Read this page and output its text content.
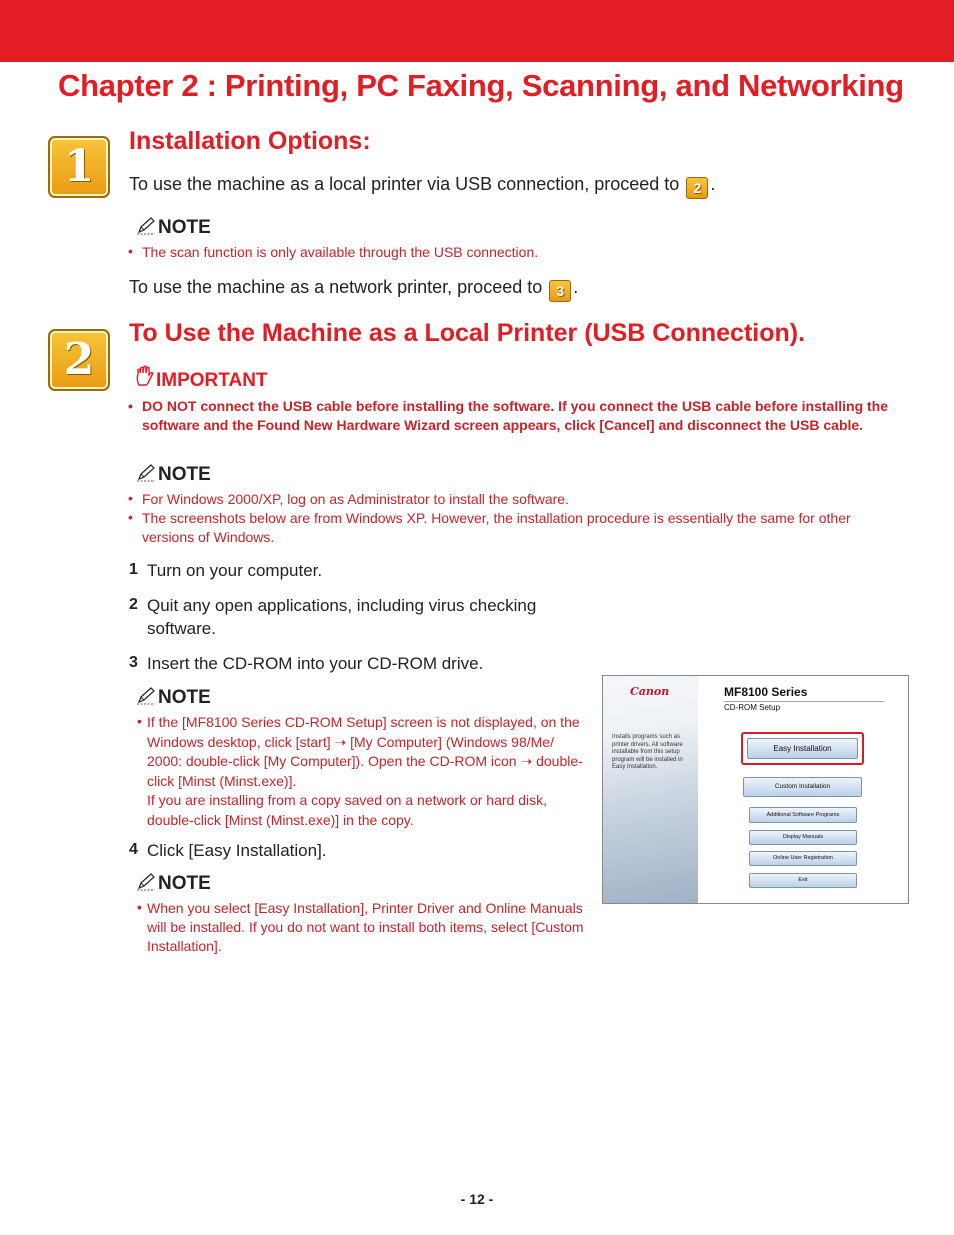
Chapter 2 : Printing, PC Faxing, Scanning, and Networking
1	Installation Options:
To use the machine as a local printer via USB connection, proceed to 2 .
NOTE
• The scan function is only available through the USB connection.
To use the machine as a network printer, proceed to 3 .
2
To Use the Machine as a Local Printer (USB Connection).
IMPORTANT
• DO NOT connect the USB cable before installing the software. If you connect the USB cable before installing the software and the Found New Hardware Wizard screen appears, click [Cancel] and disconnect the USB cable.
NOTE
• For Windows 2000/XP, log on as Administrator to install the software.
• The screenshots below are from Windows XP. However, the installation procedure is essentially the same for other versions of Windows.
1 Turn on your computer.
2 Quit any open applications, including virus checking software.
3 Insert the CD-ROM into your CD-ROM drive.
NOTE
• If the [MF8100 Series CD-ROM Setup] screen is not displayed, on the Windows desktop, click [start] ➝ [My Computer] (Windows 98/Me/ 2000: double-click [My Computer]). Open the CD-ROM icon ➝ double-click [Minst (Minst.exe)].
If you are installing from a copy saved on a network or hard disk, double-click [Minst (Minst.exe)] in the copy.
4 Click [Easy Installation].
NOTE
• When you select [Easy Installation], Printer Driver and Online Manuals will be installed. If you do not want to install both items, select [Custom Installation].
Canon
Installs programs such as printer drivers. All software installable from this setup program will be installed in Easy Installation.
MF8100 Series
CD-ROM Setup
Easy Installation
Custom Installation
Additional Software Programs
Display Manuals
Online User Registration
Exit
- 12 -
